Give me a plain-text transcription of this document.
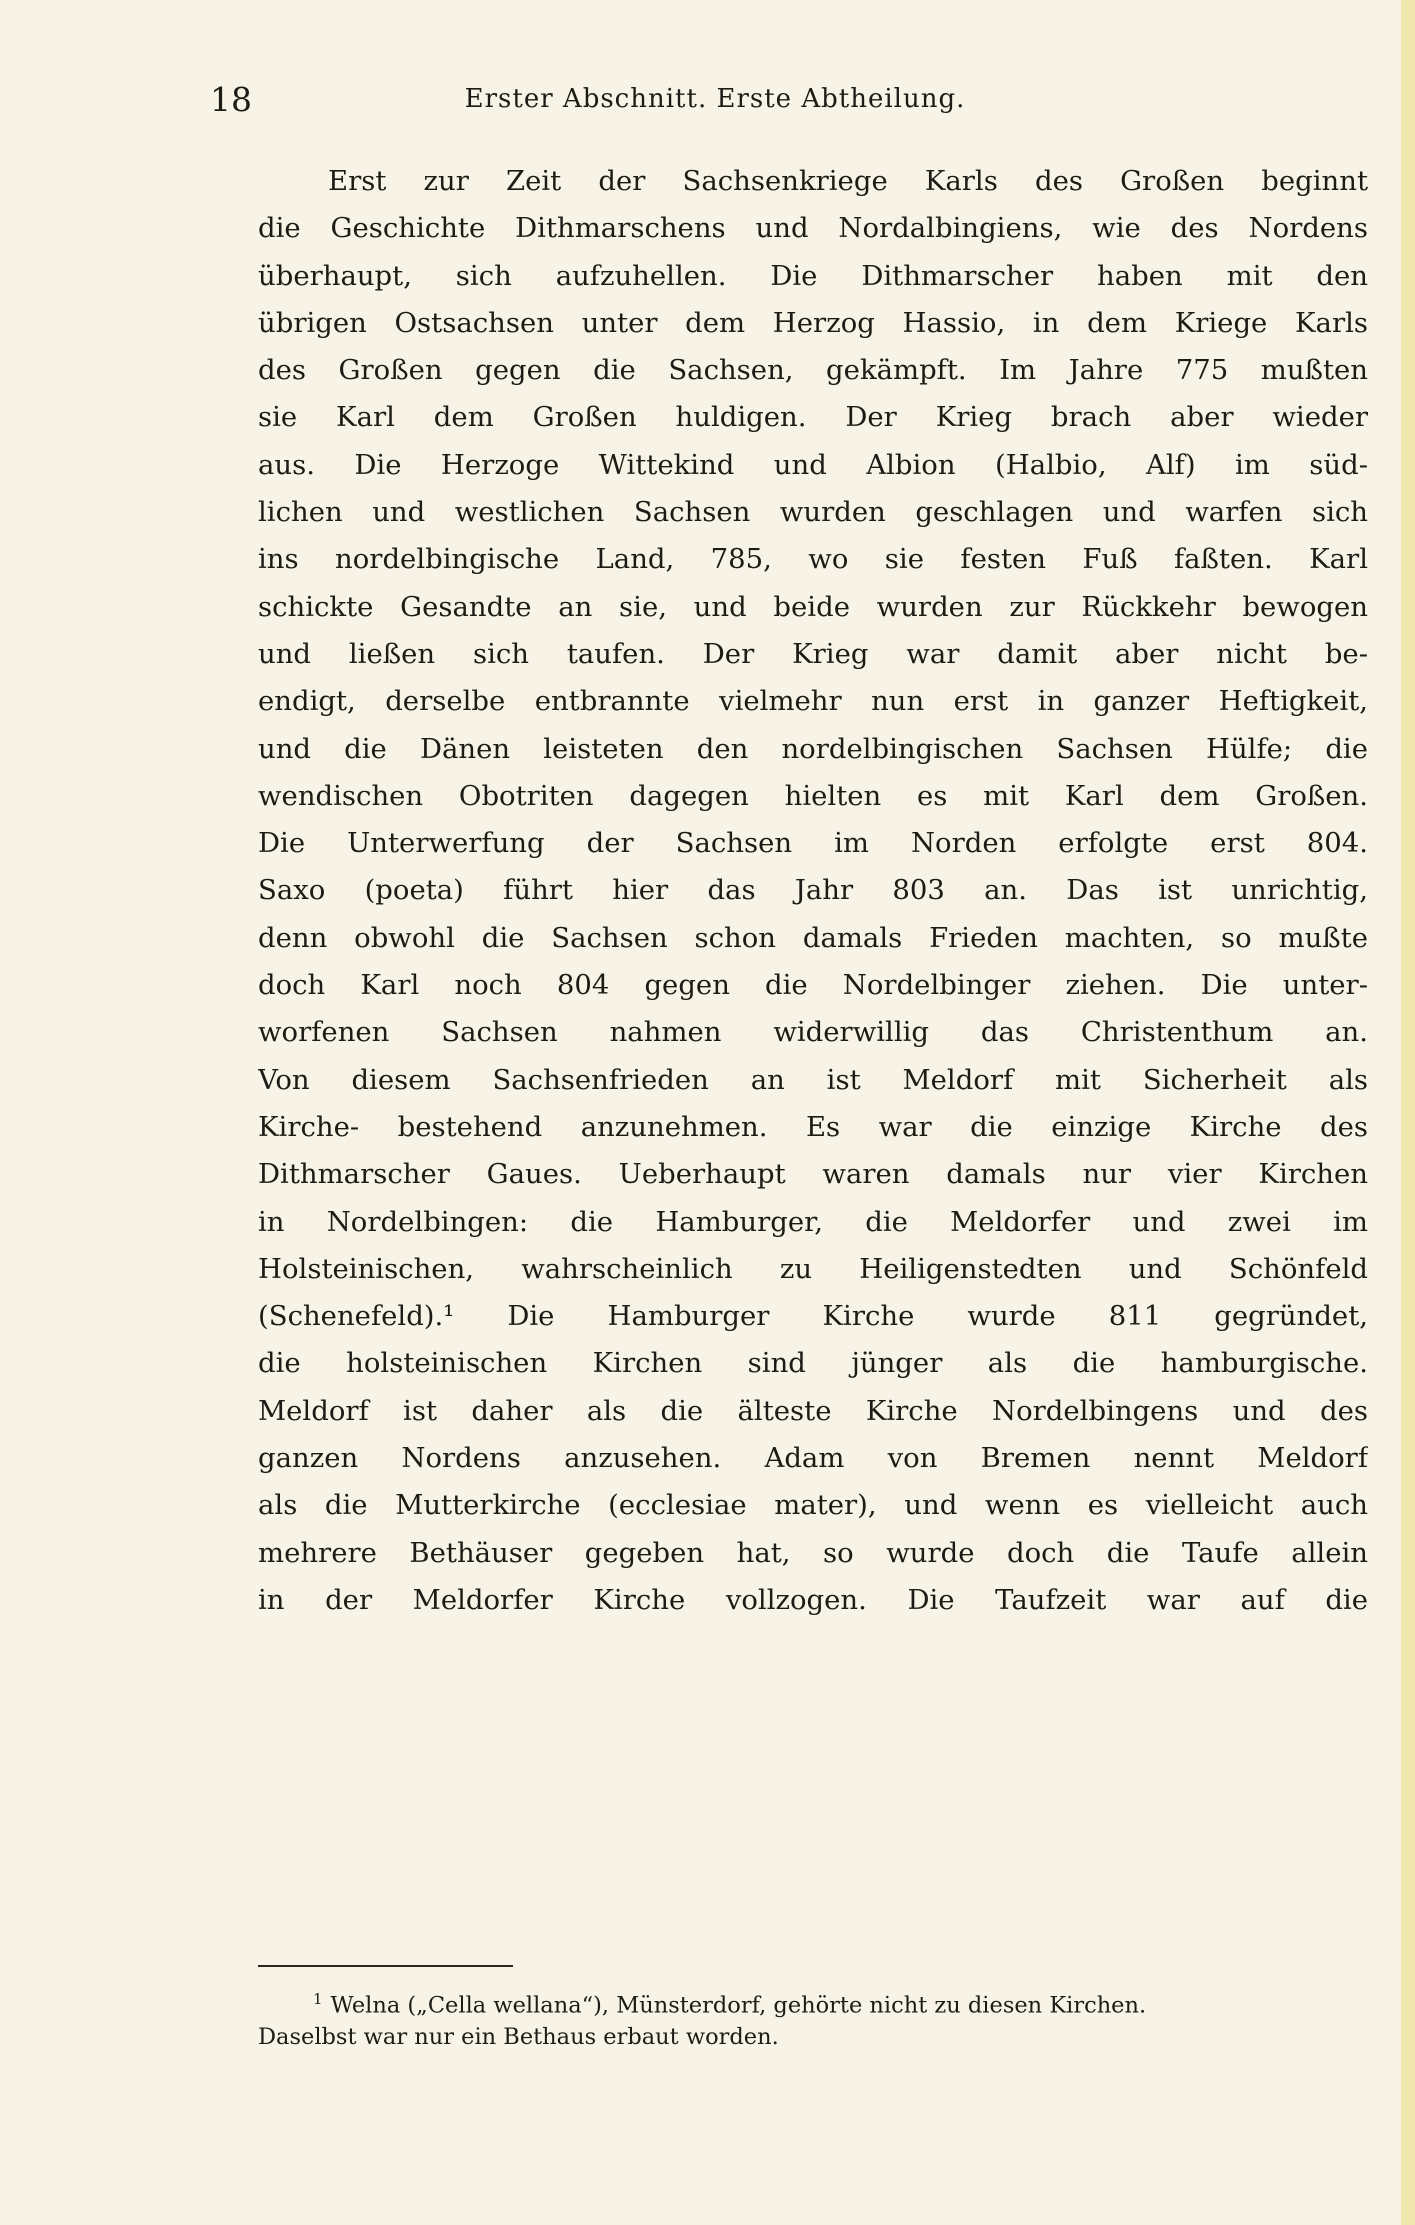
18	Erster Abschnitt. Erste Abtheilung.
Erst zur Zeit der Sachsenkriege Karls des Großen beginnt
die Geschichte Dithmarschens und Nordalbingiens, wie des Nordens
überhaupt, sich aufzuhellen. Die Dithmarscher haben mit den
übrigen Ostsachsen unter dem Herzog Hassio, in dem Kriege Karls
des Großen gegen die Sachsen, gekämpft. Im Jahre 775 mußten
sie Karl dem Großen huldigen. Der Krieg brach aber wieder
aus. Die Herzoge Wittekind und Albion (Halbio, Alf) im süd-
lichen und westlichen Sachsen wurden geschlagen und warfen sich
ins nordelbingische Land, 785, wo sie festen Fuß faßten. Karl
schickte Gesandte an sie, und beide wurden zur Rückkehr bewogen
und ließen sich taufen. Der Krieg war damit aber nicht be-
endigt, derselbe entbrannte vielmehr nun erst in ganzer Heftigkeit,
und die Dänen leisteten den nordelbingischen Sachsen Hülfe; die
wendischen Obotriten dagegen hielten es mit Karl dem Großen.
Die Unterwerfung der Sachsen im Norden erfolgte erst 804.
Saxo (poeta) führt hier das Jahr 803 an. Das ist unrichtig,
denn obwohl die Sachsen schon damals Frieden machten, so mußte
doch Karl noch 804 gegen die Nordelbinger ziehen. Die unter-
worfenen Sachsen nahmen widerwillig das Christenthum an.
Von diesem Sachsenfrieden an ist Meldorf mit Sicherheit als
Kirche- bestehend anzunehmen. Es war die einzige Kirche des
Dithmarscher Gaues. Ueberhaupt waren damals nur vier Kirchen
in Nordelbingen: die Hamburger, die Meldorfer und zwei im
Holsteinischen, wahrscheinlich zu Heiligenstedten und Schönfeld
(Schenefeld).¹ Die Hamburger Kirche wurde 811 gegründet,
die holsteinischen Kirchen sind jünger als die hamburgische.
Meldorf ist daher als die älteste Kirche Nordelbingens und des
ganzen Nordens anzusehen. Adam von Bremen nennt Meldorf
als die Mutterkirche (ecclesiae mater), und wenn es vielleicht auch
mehrere Bethäuser gegeben hat, so wurde doch die Taufe allein
in der Meldorfer Kirche vollzogen. Die Taufzeit war auf die
$^1$ Welna („Cella wellana“), Münsterdorf, gehörte nicht zu diesen Kirchen.
Daselbst war nur ein Bethaus erbaut worden.
